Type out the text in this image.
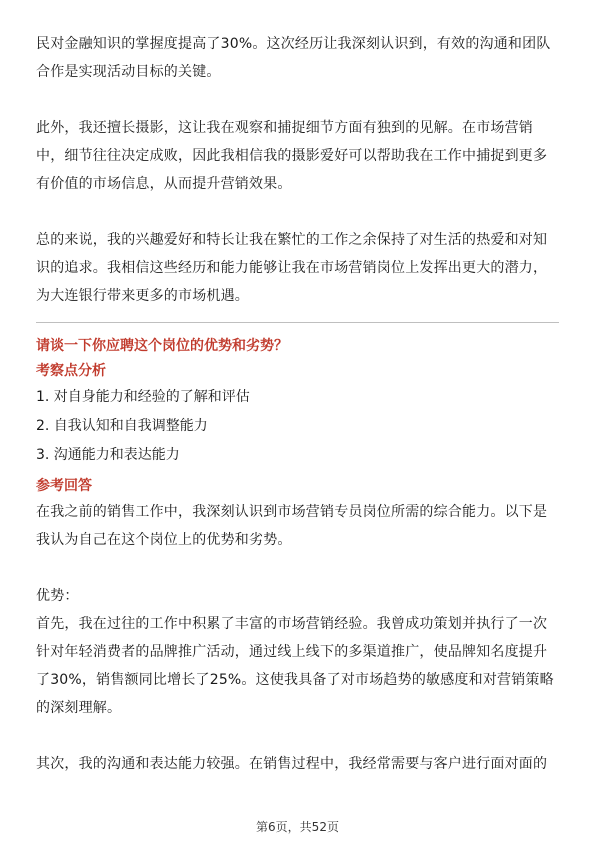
民对金融知识的掌握度提高了30%。这次经历让我深刻认识到，有效的沟通和团队合作是实现活动目标的关键。

此外，我还擅长摄影，这让我在观察和捕捉细节方面有独到的见解。在市场营销中，细节往往决定成败，因此我相信我的摄影爱好可以帮助我在工作中捕捉到更多有价值的市场信息，从而提升营销效果。

总的来说，我的兴趣爱好和特长让我在繁忙的工作之余保持了对生活的热爱和对知识的追求。我相信这些经历和能力能够让我在市场营销岗位上发挥出更大的潜力，为大连银行带来更多的市场机遇。

请谈一下你应聘这个岗位的优势和劣势？
考察点分析
1. 对自身能力和经验的了解和评估
2. 自我认知和自我调整能力
3. 沟通能力和表达能力
参考回答

在我之前的销售工作中，我深刻认识到市场营销专员岗位所需的综合能力。以下是我认为自己在这个岗位上的优势和劣势。

优势：

首先，我在过往的工作中积累了丰富的市场营销经验。我曾成功策划并执行了一次针对年轻消费者的品牌推广活动，通过线上线下的多渠道推广，使品牌知名度提升了30%，销售额同比增长了25%。这使我具备了对市场趋势的敏感度和对营销策略的深刻理解。

其次，我的沟通和表达能力较强。在销售过程中，我经常需要与客户进行面对面的

第6页，共52页
